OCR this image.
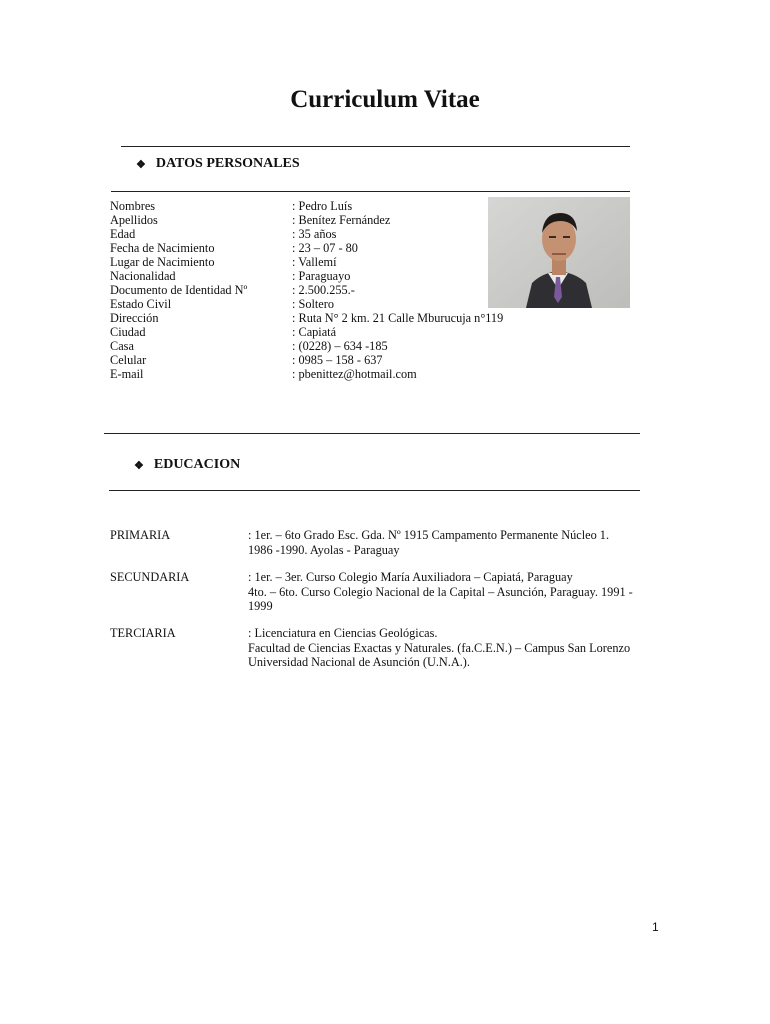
Curriculum Vitae
❖ DATOS PERSONALES
Nombres	: Pedro Luís
Apellidos	: Benítez Fernández
Edad	: 35 años
Fecha de Nacimiento	: 23 – 07 - 80
Lugar de Nacimiento	: Vallemí
Nacionalidad	: Paraguayo
Documento de Identidad Nº	: 2.500.255.-
Estado Civil	: Soltero
Dirección	: Ruta N° 2 km. 21 Calle Mburucuja n°119
Ciudad	: Capiatá
Casa	: (0228) – 634 -185
Celular	: 0985 – 158 - 637
E-mail	: pbenittez@hotmail.com
❖ EDUCACION
PRIMARIA	: 1er. – 6to Grado Esc. Gda. Nº 1915 Campamento Permanente Núcleo 1.
1986 -1990. Ayolas - Paraguay
SECUNDARIA	: 1er. – 3er. Curso Colegio María Auxiliadora – Capiatá, Paraguay
4to. – 6to. Curso Colegio Nacional de la Capital – Asunción, Paraguay. 1991 -
1999
TERCIARIA	: Licenciatura en Ciencias Geológicas.
Facultad de Ciencias Exactas y Naturales. (fa.C.E.N.) – Campus San Lorenzo
Universidad Nacional de Asunción (U.N.A.).
1
